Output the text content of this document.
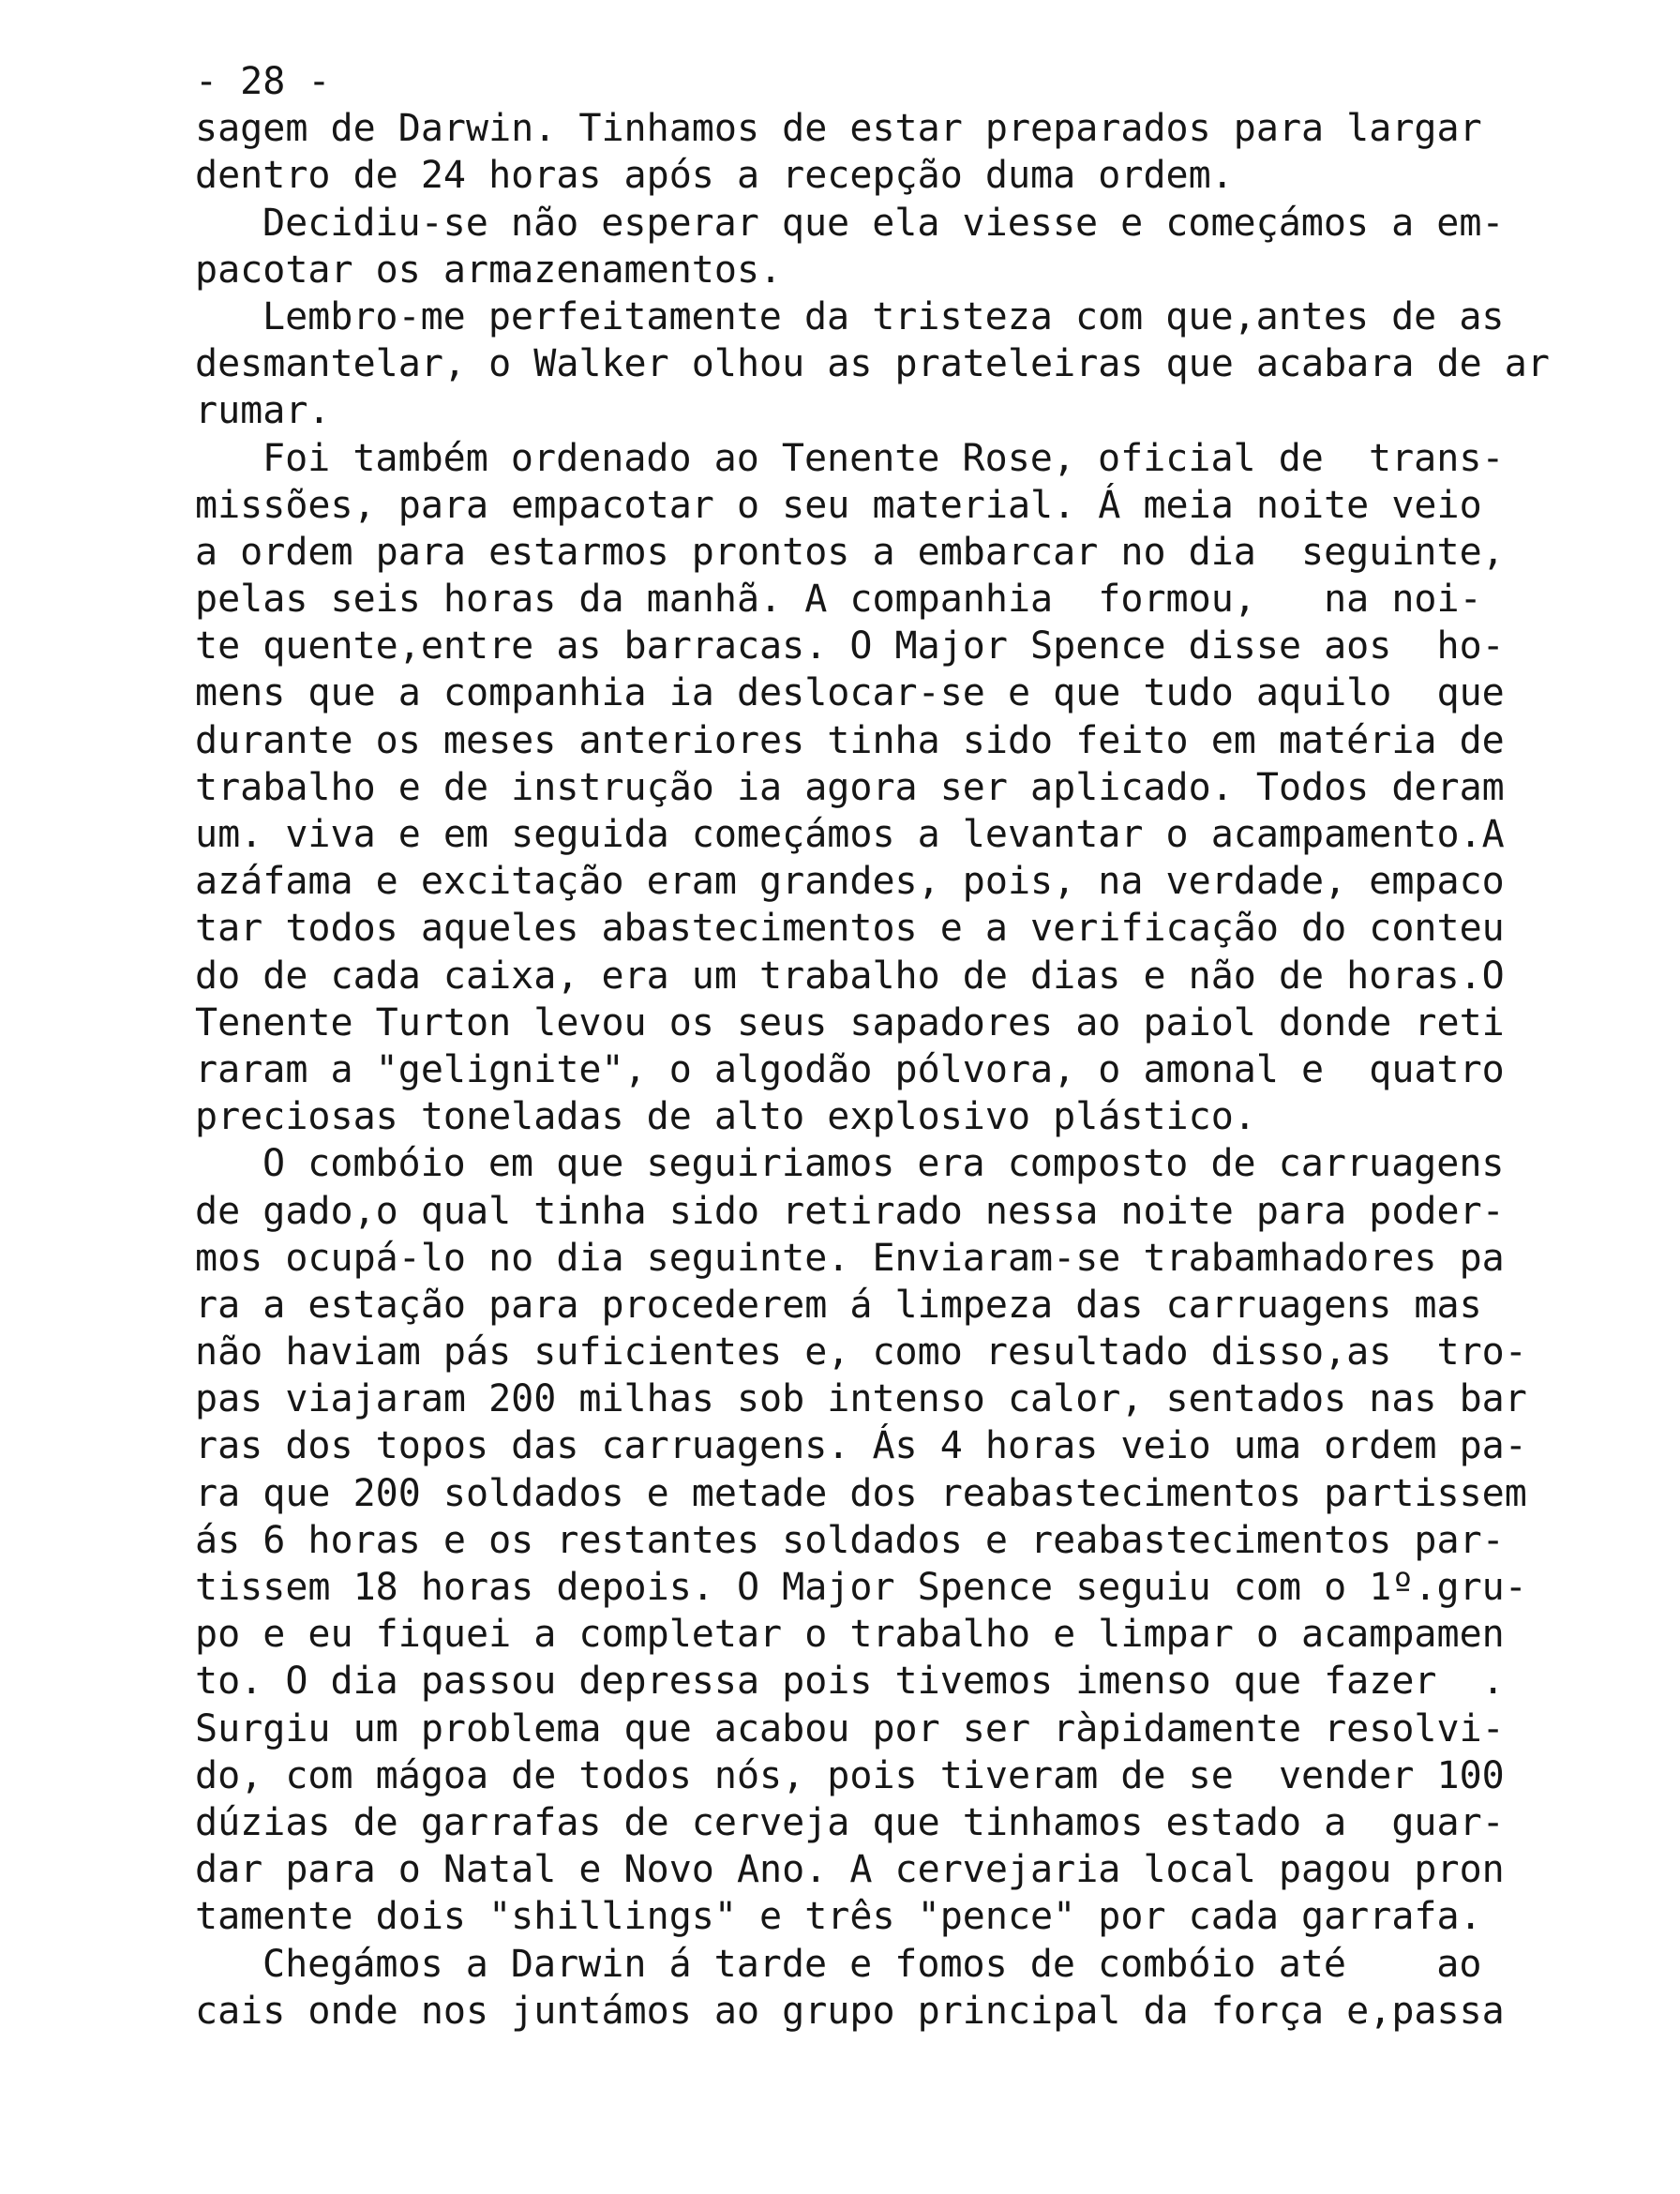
- 28 -
sagem de Darwin. Tinhamos de estar preparados para largar
dentro de 24 horas após a recepção duma ordem.
Decidiu-se não esperar que ela viesse e começámos a em-
pacotar os armazenamentos.
Lembro-me perfeitamente da tristeza com que,antes de as
desmantelar, o Walker olhou as prateleiras que acabara de ar
rumar.
Foi também ordenado ao Tenente Rose, oficial de  trans-
missões, para empacotar o seu material. Á meia noite veio
a ordem para estarmos prontos a embarcar no dia  seguinte,
pelas seis horas da manhã. A companhia  formou,   na noi-
te quente,entre as barracas. O Major Spence disse aos  ho-
mens que a companhia ia deslocar-se e que tudo aquilo  que
durante os meses anteriores tinha sido feito em matéria de
trabalho e de instrução ia agora ser aplicado. Todos deram
um. viva e em seguida começámos a levantar o acampamento.A
azáfama e excitação eram grandes, pois, na verdade, empaco
tar todos aqueles abastecimentos e a verificação do conteu
do de cada caixa, era um trabalho de dias e não de horas.O
Tenente Turton levou os seus sapadores ao paiol donde reti
raram a "gelignite", o algodão pólvora, o amonal e  quatro
preciosas toneladas de alto explosivo plástico.
O combóio em que seguiriamos era composto de carruagens
de gado,o qual tinha sido retirado nessa noite para poder-
mos ocupá-lo no dia seguinte. Enviaram-se trabamhadores pa
ra a estação para procederem á limpeza das carruagens mas
não haviam pás suficientes e, como resultado disso,as  tro-
pas viajaram 200 milhas sob intenso calor, sentados nas bar
ras dos topos das carruagens. Ás 4 horas veio uma ordem pa-
ra que 200 soldados e metade dos reabastecimentos partissem
ás 6 horas e os restantes soldados e reabastecimentos par-
tissem 18 horas depois. O Major Spence seguiu com o 1º.gru-
po e eu fiquei a completar o trabalho e limpar o acampamen
to. O dia passou depressa pois tivemos imenso que fazer  .
Surgiu um problema que acabou por ser ràpidamente resolvi-
do, com mágoa de todos nós, pois tiveram de se  vender 100
dúzias de garrafas de cerveja que tinhamos estado a  guar-
dar para o Natal e Novo Ano. A cervejaria local pagou pron
tamente dois "shillings" e três "pence" por cada garrafa.
Chegámos a Darwin á tarde e fomos de combóio até    ao
cais onde nos juntámos ao grupo principal da força e,passa
